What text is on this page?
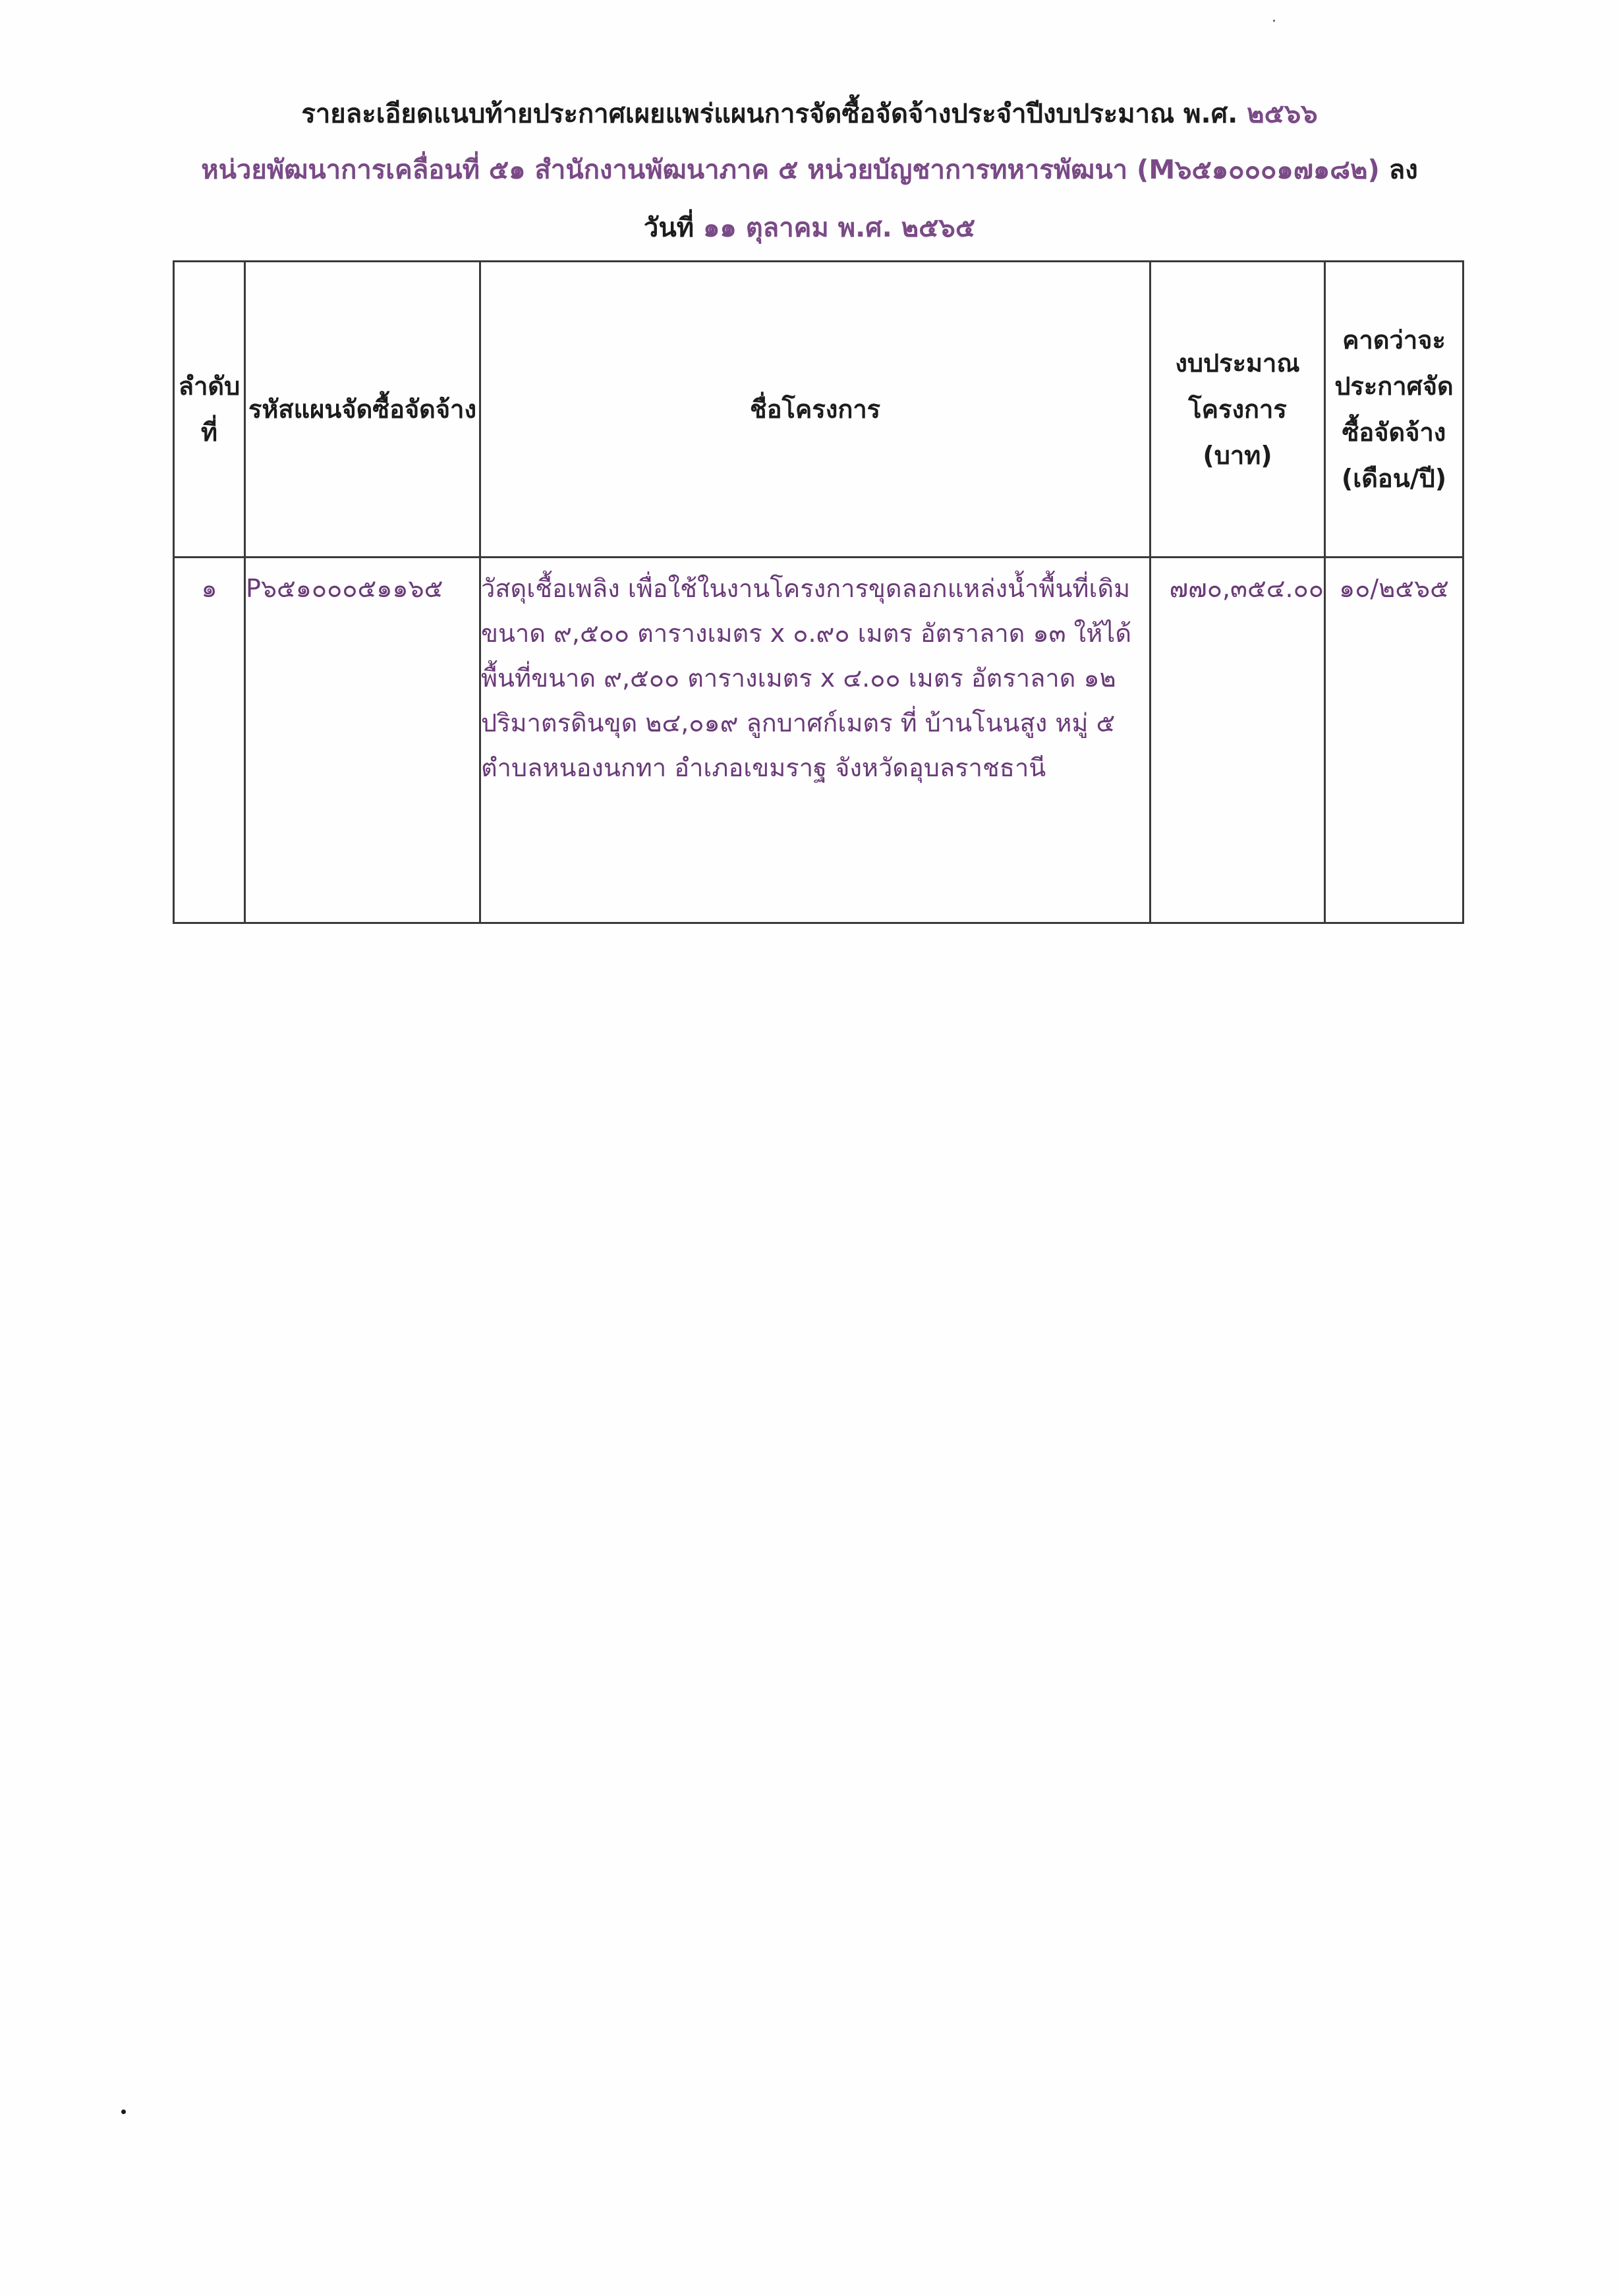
รายละเอียดแนบท้ายประกาศเผยแพร่แผนการจัดซื้อจัดจ้างประจำปีงบประมาณ พ.ศ. ๒๕๖๖
หน่วยพัฒนาการเคลื่อนที่ ๕๑ สำนักงานพัฒนาภาค ๕ หน่วยบัญชาการทหารพัฒนา (M๖๕๑๐๐๐๑๗๑๘๒) ลง
วันที่ ๑๑ ตุลาคม พ.ศ. ๒๕๖๕
ลำดับที่	รหัสแผนจัดซื้อจัดจ้าง	ชื่อโครงการ	งบประมาณโครงการ (บาท)	คาดว่าจะประกาศจัดซื้อจัดจ้าง (เดือน/ปี)
๑	P๖๕๑๐๐๐๕๑๑๖๕	วัสดุเชื้อเพลิง เพื่อใช้ในงานโครงการขุดลอกแหล่งน้ำพื้นที่เดิมขนาด ๙,๕๐๐ ตารางเมตร x ๐.๙๐ เมตร อัตราลาด ๑๓ ให้ได้พื้นที่ขนาด ๙,๕๐๐ ตารางเมตร x ๔.๐๐ เมตร อัตราลาด ๑๒ ปริมาตรดินขุด ๒๔,๐๑๙ ลูกบาศก์เมตร ที่ บ้านโนนสูง หมู่ ๕ ตำบลหนองนกทา อำเภอเขมราฐ จังหวัดอุบลราชธานี	๗๗๐,๓๕๔.๐๐	๑๐/๒๕๖๕
